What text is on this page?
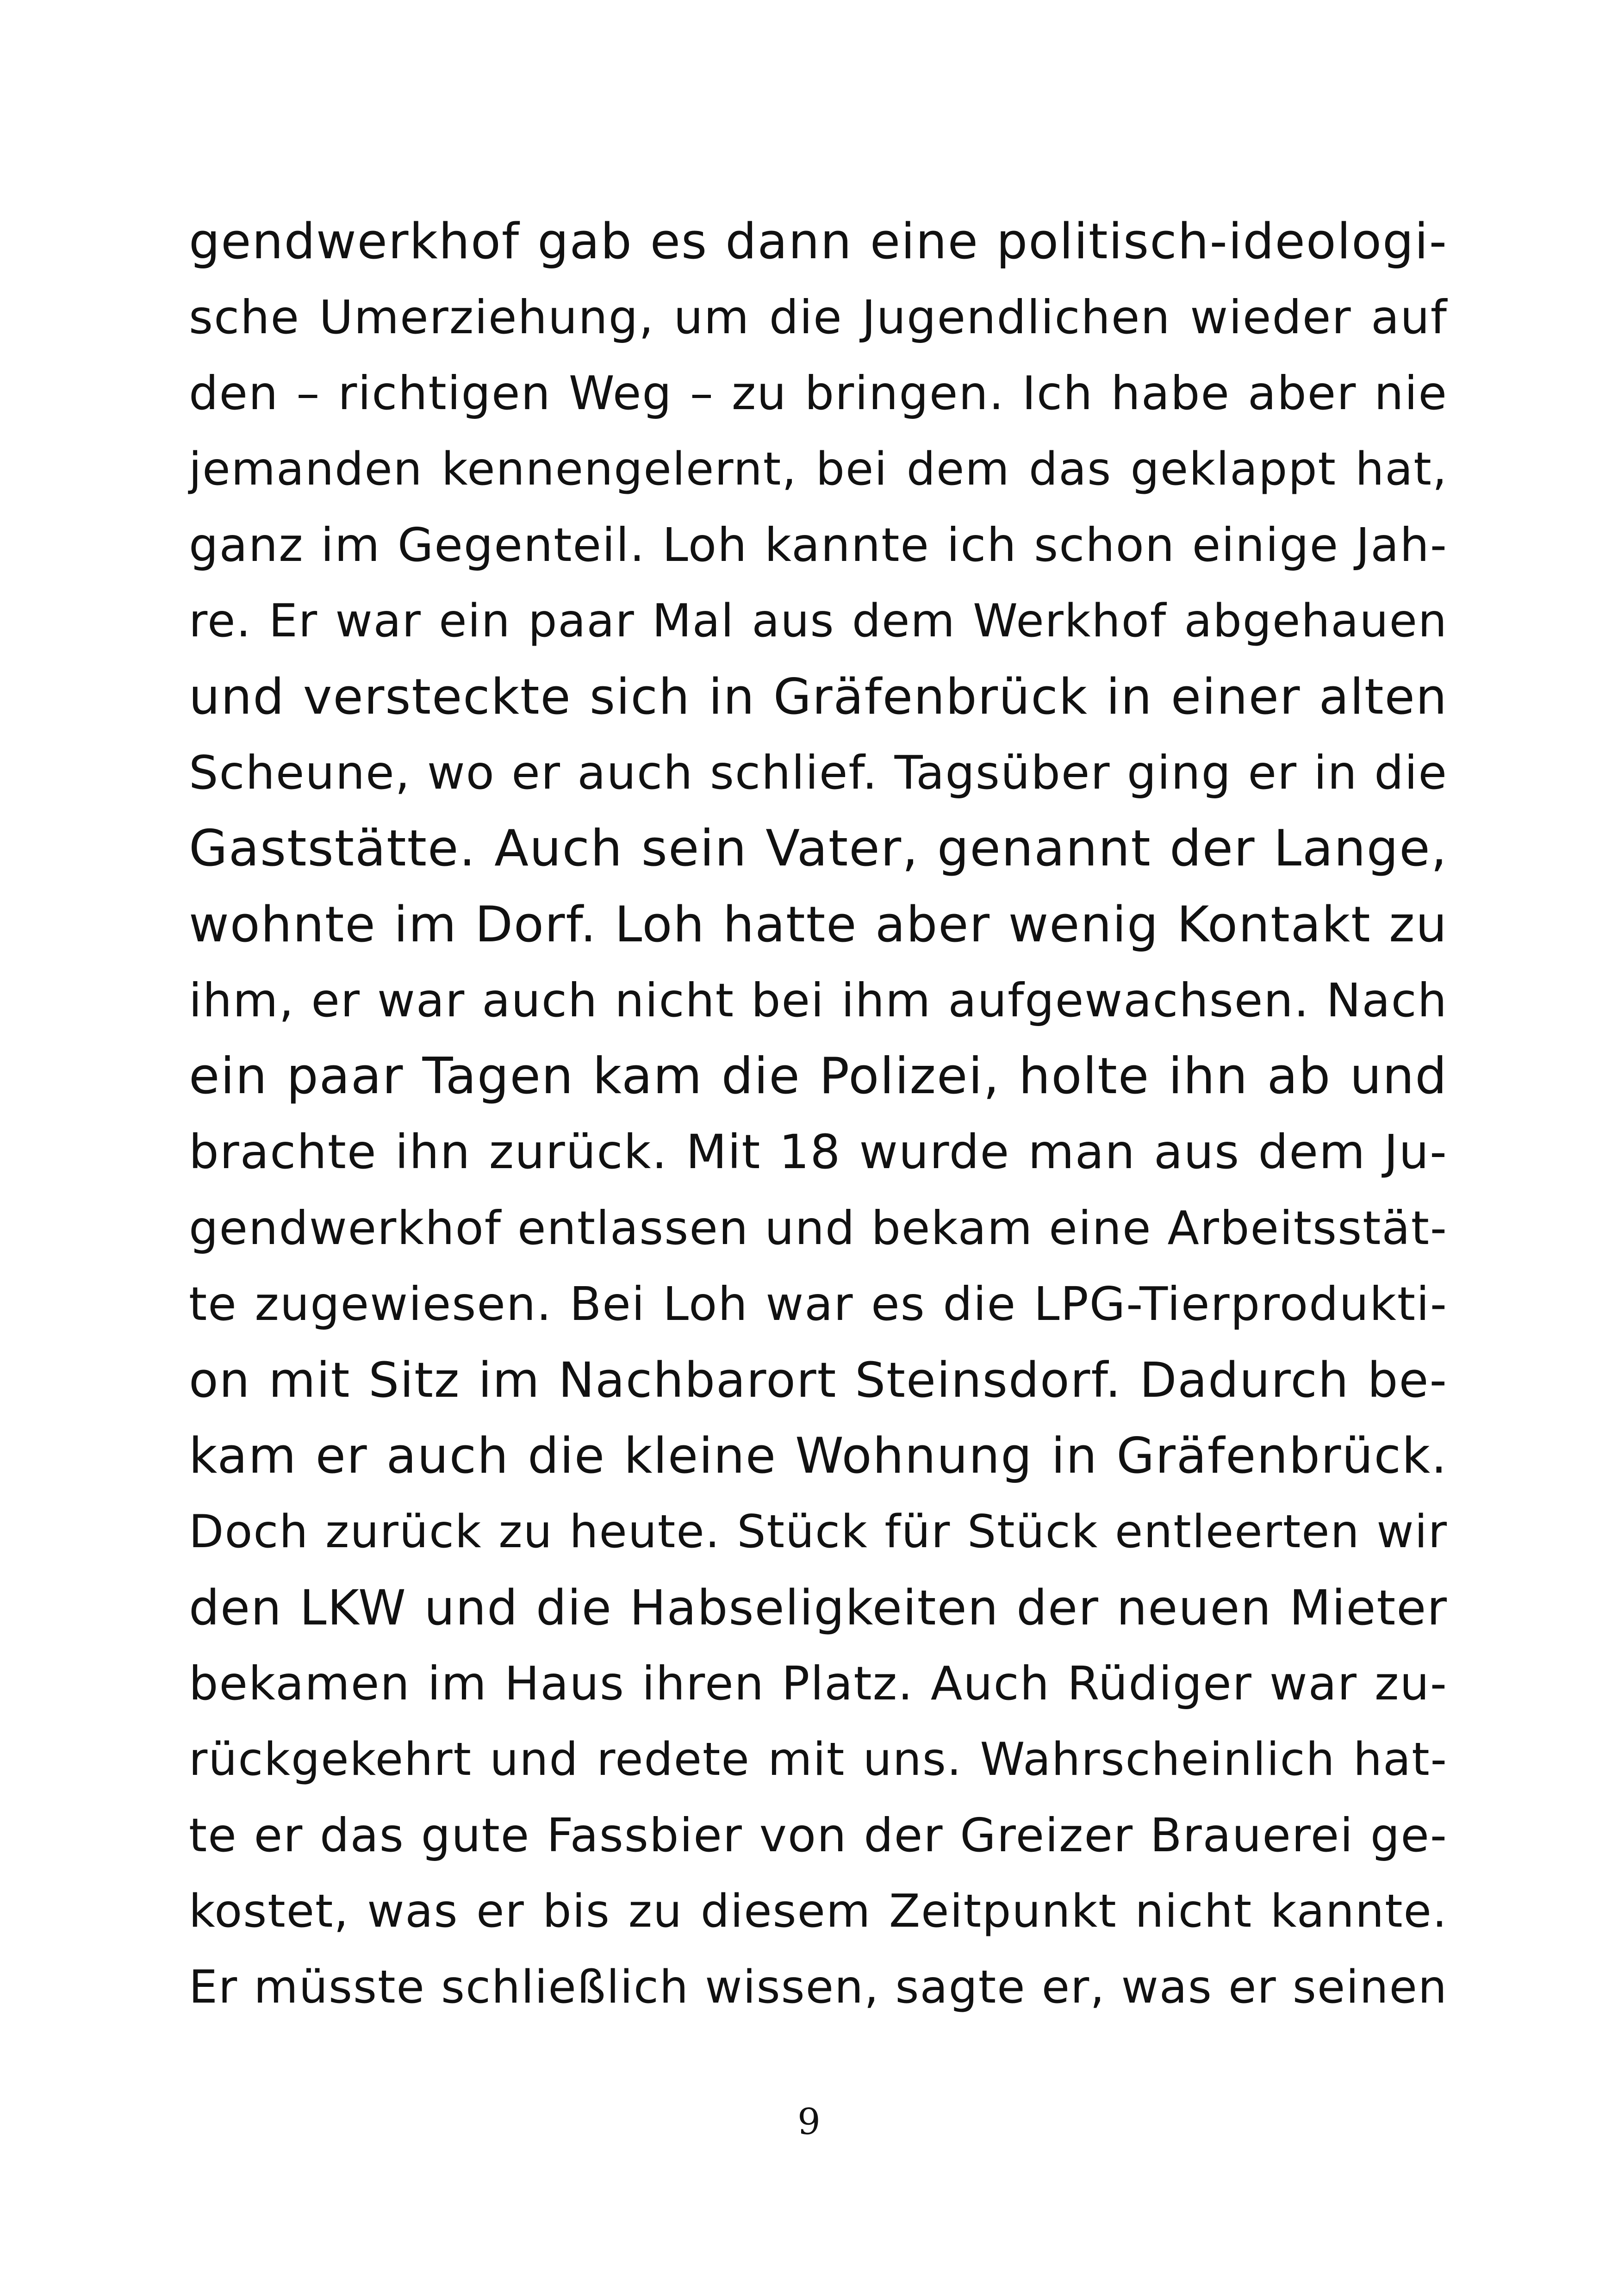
gendwerkhof gab es dann eine politisch-ideologi-
sche Umerziehung, um die Jugendlichen wieder auf
den – richtigen Weg – zu bringen. Ich habe aber nie
jemanden kennengelernt, bei dem das geklappt hat,
ganz im Gegenteil. Loh kannte ich schon einige Jah-
re. Er war ein paar Mal aus dem Werkhof abgehauen
und versteckte sich in Gräfenbrück in einer alten
Scheune, wo er auch schlief. Tagsüber ging er in die
Gaststätte. Auch sein Vater, genannt der Lange,
wohnte im Dorf. Loh hatte aber wenig Kontakt zu
ihm, er war auch nicht bei ihm aufgewachsen. Nach
ein paar Tagen kam die Polizei, holte ihn ab und
brachte ihn zurück. Mit 18 wurde man aus dem Ju-
gendwerkhof entlassen und bekam eine Arbeitsstät-
te zugewiesen. Bei Loh war es die LPG-Tierprodukti-
on mit Sitz im Nachbarort Steinsdorf. Dadurch be-
kam er auch die kleine Wohnung in Gräfenbrück.
Doch zurück zu heute. Stück für Stück entleerten wir
den LKW und die Habseligkeiten der neuen Mieter
bekamen im Haus ihren Platz. Auch Rüdiger war zu-
rückgekehrt und redete mit uns. Wahrscheinlich hat-
te er das gute Fassbier von der Greizer Brauerei ge-
kostet, was er bis zu diesem Zeitpunkt nicht kannte.
Er müsste schließlich wissen, sagte er, was er seinen
9
